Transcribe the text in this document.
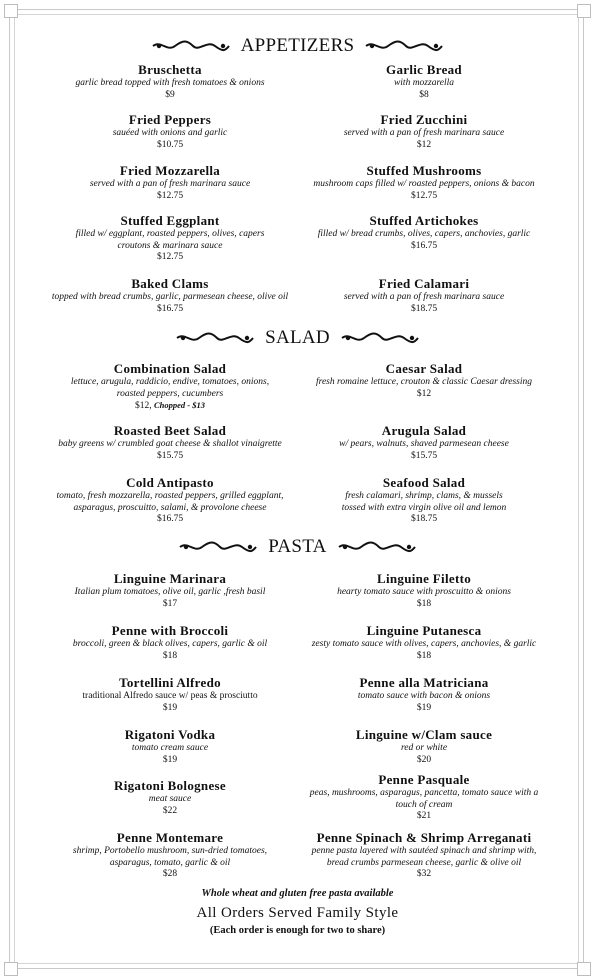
APPETIZERS
Bruschetta
garlic bread topped with fresh tomatoes & onions
$9
Garlic Bread
with mozzarella
$8
Fried Peppers
sauéed with onions and garlic
$10.75
Fried Zucchini
served with a pan of fresh marinara sauce
$12
Fried Mozzarella
served with a pan of fresh marinara sauce
$12.75
Stuffed Mushrooms
mushroom caps filled w/ roasted peppers, onions & bacon
$12.75
Stuffed Eggplant
filled w/ eggplant, roasted peppers, olives, capers
croutons & marinara sauce
$12.75
Stuffed Artichokes
filled w/ bread crumbs, olives, capers, anchovies, garlic
$16.75
Baked Clams
topped with bread crumbs, garlic, parmesean cheese, olive oil
$16.75
Fried Calamari
served with a pan of fresh marinara sauce
$18.75
SALAD
Combination Salad
lettuce, arugula, raddicio, endive, tomatoes, onions,
roasted peppers, cucumbers
$12, Chopped - $13
Caesar Salad
fresh romaine lettuce, crouton & classic Caesar dressing
$12
Roasted Beet Salad
baby greens w/ crumbled goat cheese & shallot vinaigrette
$15.75
Arugula Salad
w/ pears, walnuts, shaved parmesean cheese
$15.75
Cold Antipasto
tomato, fresh mozzarella, roasted peppers, grilled eggplant,
asparagus, proscuitto, salami, & provolone cheese
$16.75
Seafood Salad
fresh calamari, shrimp, clams, & mussels
tossed with extra virgin olive oil and lemon
$18.75
PASTA
Linguine Marinara
Italian plum tomatoes, olive oil, garlic ,fresh basil
$17
Linguine Filetto
hearty tomato sauce with proscuitto & onions
$18
Penne with Broccoli
broccoli, green & black olives, capers, garlic & oil
$18
Linguine Putanesca
zesty tomato sauce with olives, capers, anchovies, & garlic
$18
Tortellini Alfredo
traditional Alfredo sauce w/ peas & prosciutto
$19
Penne alla Matriciana
tomato sauce with bacon & onions
$19
Rigatoni Vodka
tomato cream sauce
$19
Linguine w/Clam sauce
red or white
$20
Rigatoni Bolognese
meat sauce
$22
Penne Pasquale
peas, mushrooms, asparagus, pancetta, tomato sauce with a
touch of cream
$21
Penne Montemare
shrimp, Portobello mushroom, sun-dried tomatoes,
asparagus, tomato, garlic & oil
$28
Penne Spinach & Shrimp Arreganati
penne pasta layered with sautéed spinach and shrimp with,
bread crumbs parmesean cheese, garlic & olive oil
$32
Whole wheat and gluten free pasta available
All Orders Served Family Style
(Each order is enough for two to share)
